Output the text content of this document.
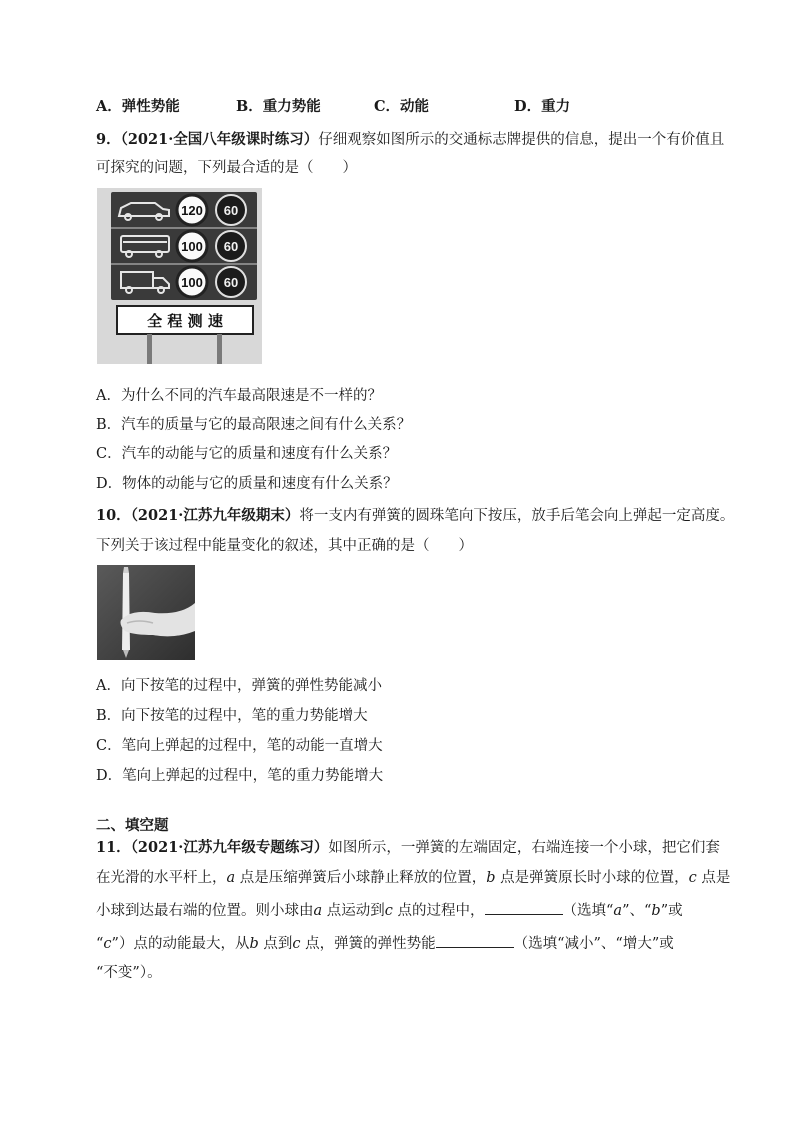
A．弹性势能	B．重力势能	C．动能	D．重力
9．（2021·全国八年级课时练习）仔细观察如图所示的交通标志牌提供的信息，提出一个有价值且
可探究的问题，下列最合适的是（　　）
120
100
100
60
60
60
全 程 测 速
A．为什么不同的汽车最高限速是不一样的？
B．汽车的质量与它的最高限速之间有什么关系？
C．汽车的动能与它的质量和速度有什么关系？
D．物体的动能与它的质量和速度有什么关系？
10．（2021·江苏九年级期末）将一支内有弹簧的圆珠笔向下按压，放手后笔会向上弹起一定高度。
下列关于该过程中能量变化的叙述，其中正确的是（　　）
A．向下按笔的过程中，弹簧的弹性势能减小
B．向下按笔的过程中，笔的重力势能增大
C．笔向上弹起的过程中，笔的动能一直增大
D．笔向上弹起的过程中，笔的重力势能增大
二、填空题
11．（2021·江苏九年级专题练习）如图所示，一弹簧的左端固定，右端连接一个小球，把它们套
在光滑的水平杆上，a 点是压缩弹簧后小球静止释放的位置，b 点是弹簧原长时小球的位置，c 点是
小球到达最右端的位置。则小球由a 点运动到c 点的过程中，	（选填“a”、“b”或
“c”）点的动能最大，从b 点到c 点，弹簧的弹性势能	（选填“减小”、“增大”或
“不变”）。
